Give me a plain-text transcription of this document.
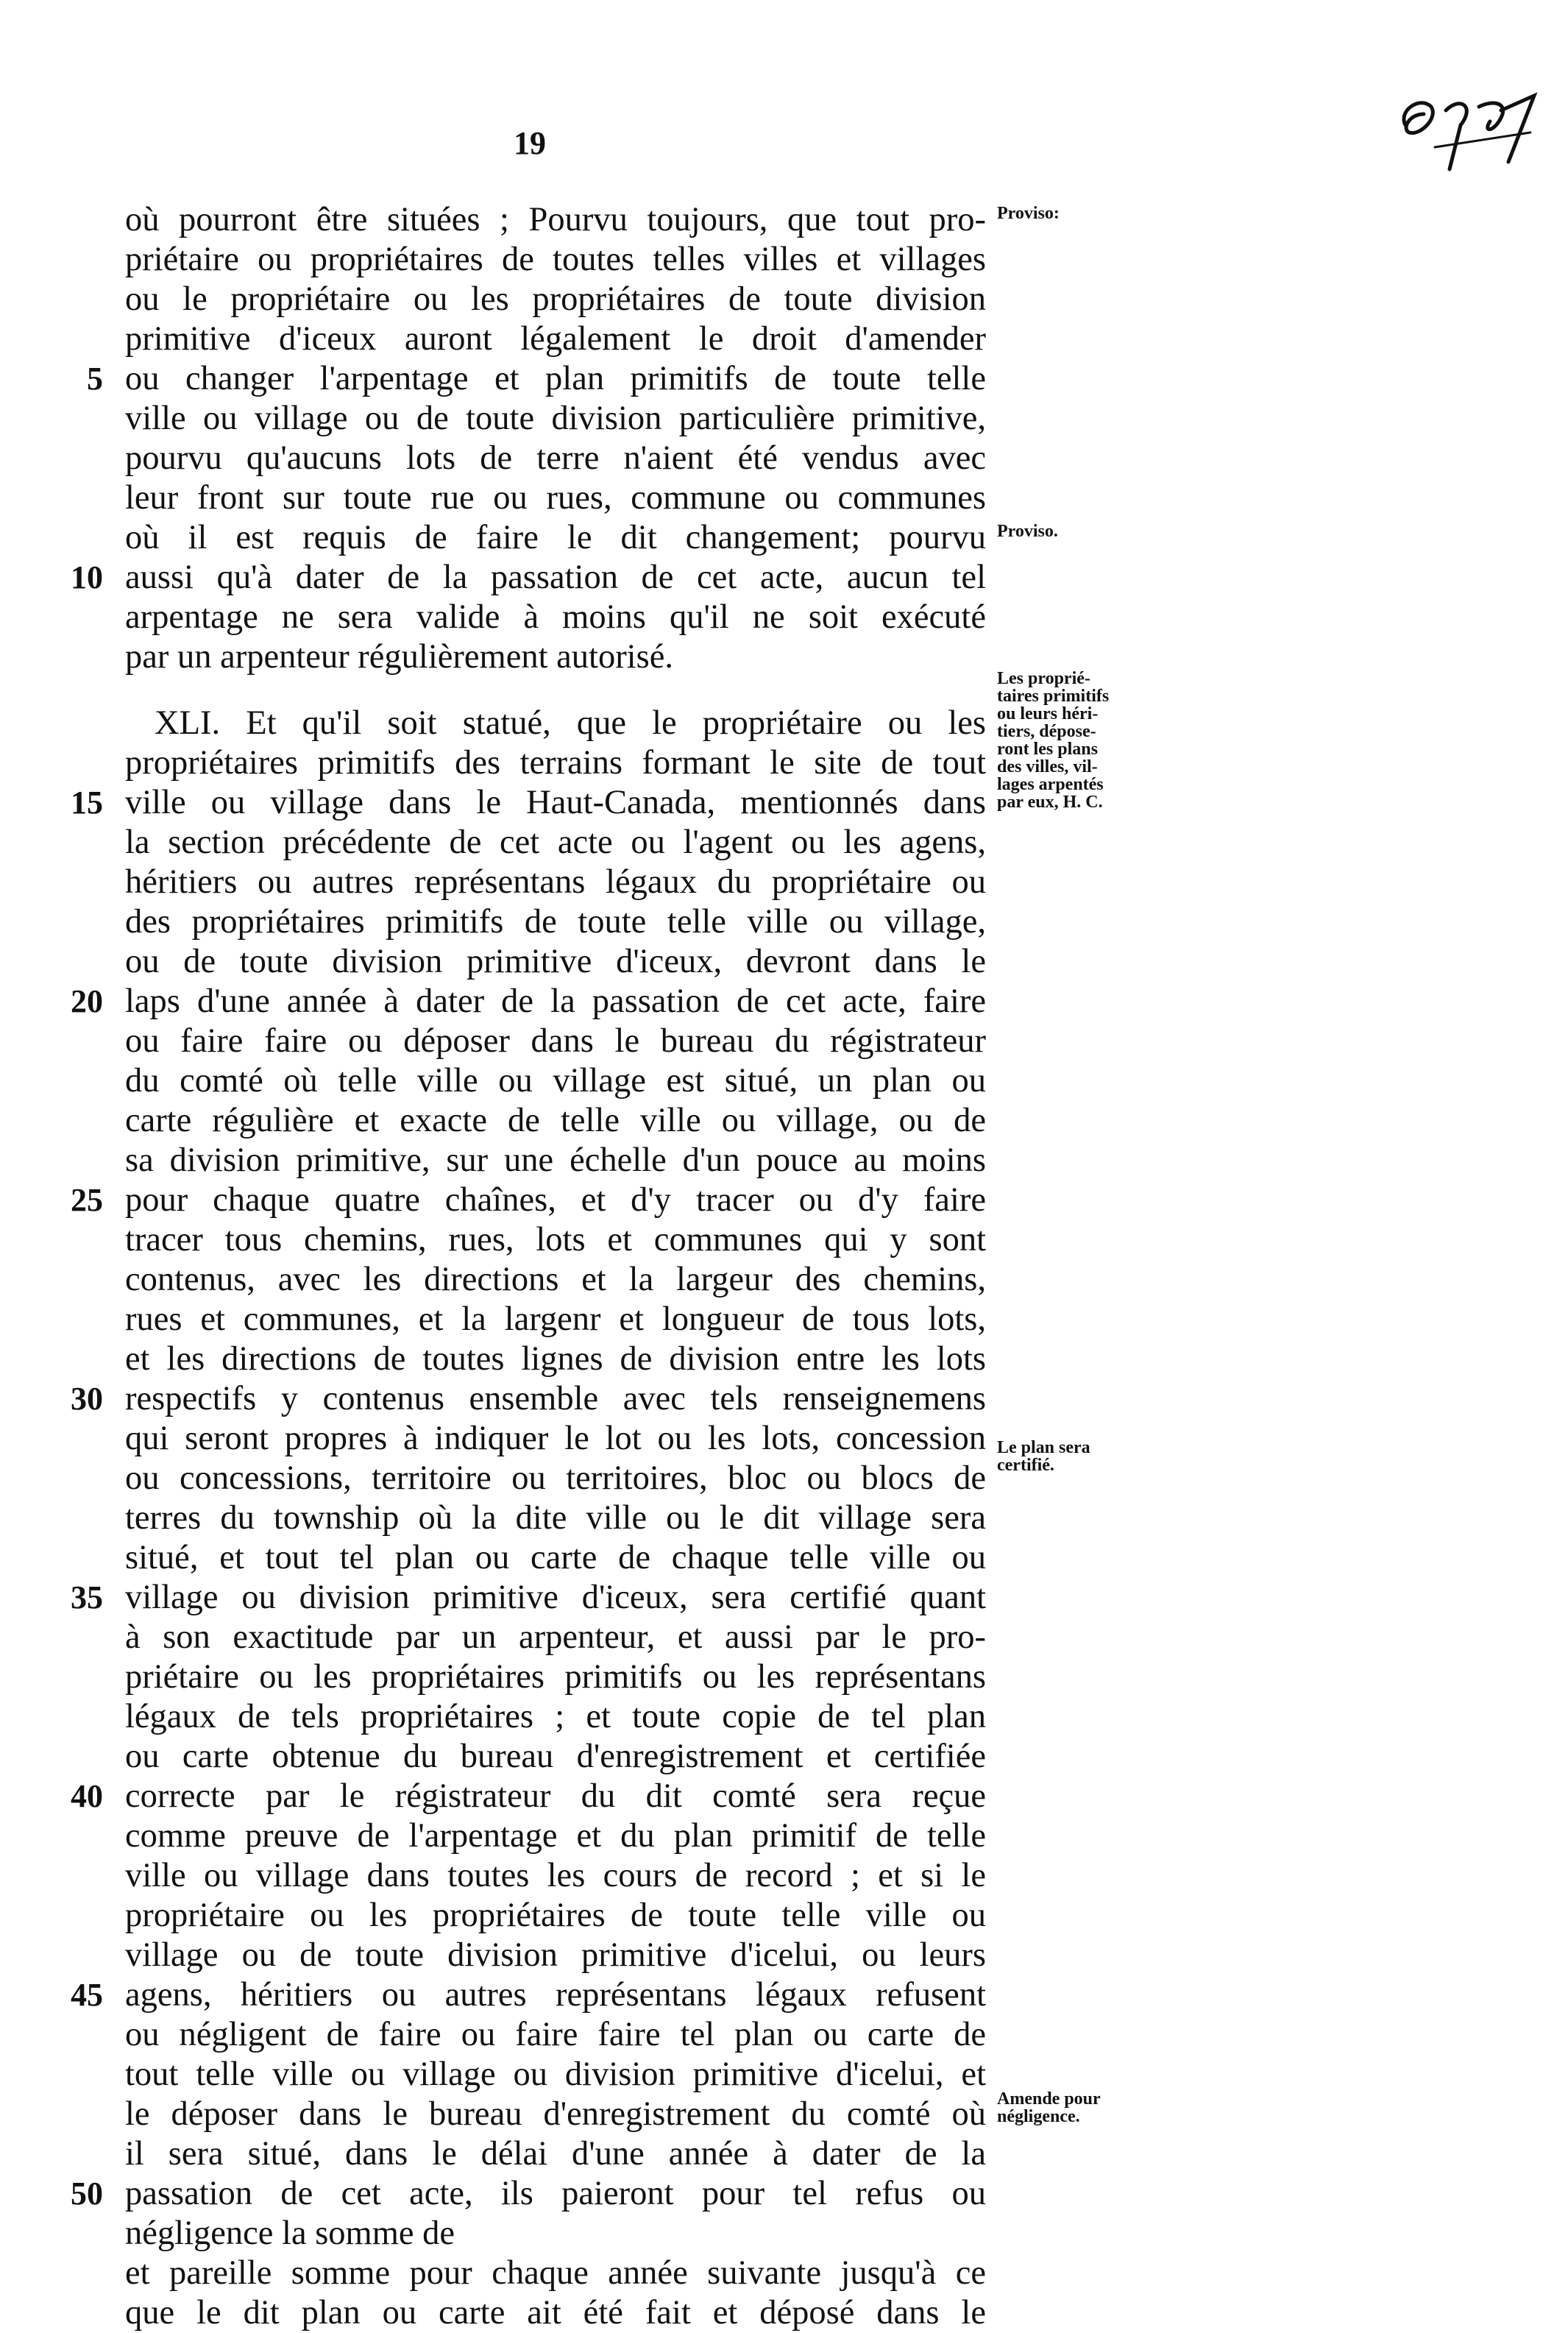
19
où pourront être situées ; Pourvu toujours, que tout pro-
priétaire ou propriétaires de toutes telles villes et villages
ou le propriétaire ou les propriétaires de toute division
primitive d'iceux auront légalement le droit d'amender
ou changer l'arpentage et plan primitifs de toute telle
ville ou village ou de toute division particulière primitive,
pourvu qu'aucuns lots de terre n'aient été vendus avec
leur front sur toute rue ou rues, commune ou communes
où il est requis de faire le dit changement; pourvu
aussi qu'à dater de la passation de cet acte, aucun tel
arpentage ne sera valide à moins qu'il ne soit exécuté
par un arpenteur régulièrement autorisé.
XLI. Et qu'il soit statué, que le propriétaire ou les
propriétaires primitifs des terrains formant le site de tout
ville ou village dans le Haut-Canada, mentionnés dans
la section précédente de cet acte ou l'agent ou les agens,
héritiers ou autres représentans légaux du propriétaire ou
des propriétaires primitifs de toute telle ville ou village,
ou de toute division primitive d'iceux, devront dans le
laps d'une année à dater de la passation de cet acte, faire
ou faire faire ou déposer dans le bureau du régistrateur
du comté où telle ville ou village est situé, un plan ou
carte régulière et exacte de telle ville ou village, ou de
sa division primitive, sur une échelle d'un pouce au moins
pour chaque quatre chaînes, et d'y tracer ou d'y faire
tracer tous chemins, rues, lots et communes qui y sont
contenus, avec les directions et la largeur des chemins,
rues et communes, et la largenr et longueur de tous lots,
et les directions de toutes lignes de division entre les lots
respectifs y contenus ensemble avec tels renseignemens
qui seront propres à indiquer le lot ou les lots, concession
ou concessions, territoire ou territoires, bloc ou blocs de
terres du township où la dite ville ou le dit village sera
situé, et tout tel plan ou carte de chaque telle ville ou
village ou division primitive d'iceux, sera certifié quant
à son exactitude par un arpenteur, et aussi par le pro-
priétaire ou les propriétaires primitifs ou les représentans
légaux de tels propriétaires ; et toute copie de tel plan
ou carte obtenue du bureau d'enregistrement et certifiée
correcte par le régistrateur du dit comté sera reçue
comme preuve de l'arpentage et du plan primitif de telle
ville ou village dans toutes les cours de record ; et si le
propriétaire ou les propriétaires de toute telle ville ou
village ou de toute division primitive d'icelui, ou leurs
agens, héritiers ou autres représentans légaux refusent
ou négligent de faire ou faire faire tel plan ou carte de
tout telle ville ou village ou division primitive d'icelui, et
le déposer dans le bureau d'enregistrement du comté où
il sera situé, dans le délai d'une année à dater de la
passation de cet acte, ils paieront pour tel refus ou
négligence la somme de
et pareille somme pour chaque année suivante jusqu'à ce
que le dit plan ou carte ait été fait et déposé dans le
5
10
15
20
25
30
35
40
45
50
Proviso:
Proviso.
Les proprié-
taires primitifs
ou leurs héri-
tiers, dépose-
ront les plans
des villes, vil-
lages arpentés
par eux, H. C.
Le plan sera
certifié.
Amende pour
négligence.
